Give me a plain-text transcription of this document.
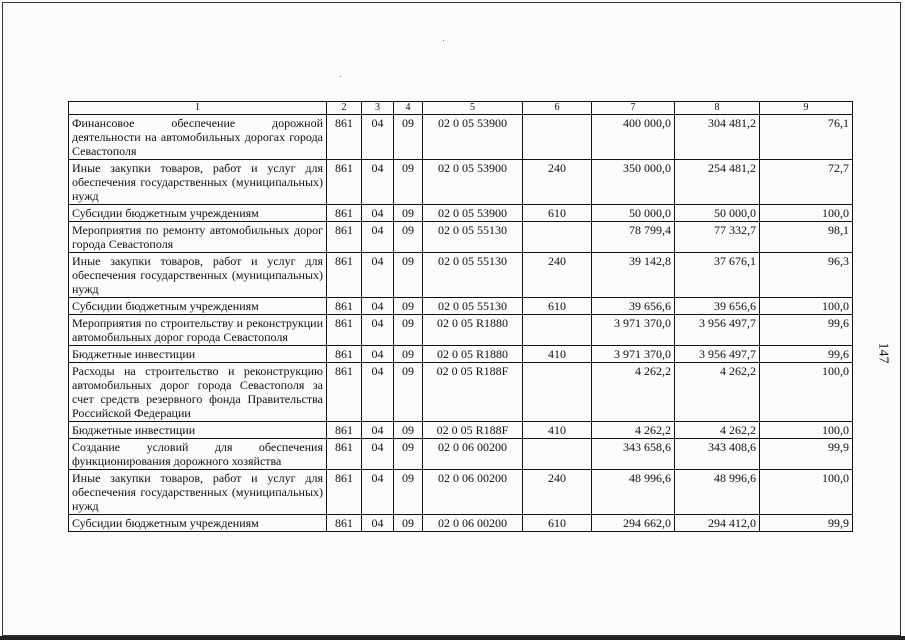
1	2	3	4	5	6	7	8	9
Финансовое обеспечение дорожной деятельности на автомобильных дорогах города Севастополя	861	04	09	02 0 05 53900		400 000,0	304 481,2	76,1
Иные закупки товаров, работ и услуг для обеспечения государственных (муниципальных) нужд	861	04	09	02 0 05 53900	240	350 000,0	254 481,2	72,7
Субсидии бюджетным учреждениям	861	04	09	02 0 05 53900	610	50 000,0	50 000,0	100,0
Мероприятия по ремонту автомобильных дорог города Севастополя	861	04	09	02 0 05 55130		78 799,4	77 332,7	98,1
Иные закупки товаров, работ и услуг для обеспечения государственных (муниципальных) нужд	861	04	09	02 0 05 55130	240	39 142,8	37 676,1	96,3
Субсидии бюджетным учреждениям	861	04	09	02 0 05 55130	610	39 656,6	39 656,6	100,0
Мероприятия по строительству и реконструкции автомобильных дорог города Севастополя	861	04	09	02 0 05 R1880		3 971 370,0	3 956 497,7	99,6
Бюджетные инвестиции	861	04	09	02 0 05 R1880	410	3 971 370,0	3 956 497,7	99,6
Расходы на строительство и реконструкцию автомобильных дорог города Севастополя за счет средств резервного фонда Правительства Российской Федерации	861	04	09	02 0 05 R188F		4 262,2	4 262,2	100,0
Бюджетные инвестиции	861	04	09	02 0 05 R188F	410	4 262,2	4 262,2	100,0
Создание условий для обеспечения функционирования дорожного хозяйства	861	04	09	02 0 06 00200		343 658,6	343 408,6	99,9
Иные закупки товаров, работ и услуг для обеспечения государственных (муниципальных) нужд	861	04	09	02 0 06 00200	240	48 996,6	48 996,6	100,0
Субсидии бюджетным учреждениям	861	04	09	02 0 06 00200	610	294 662,0	294 412,0	99,9
147
